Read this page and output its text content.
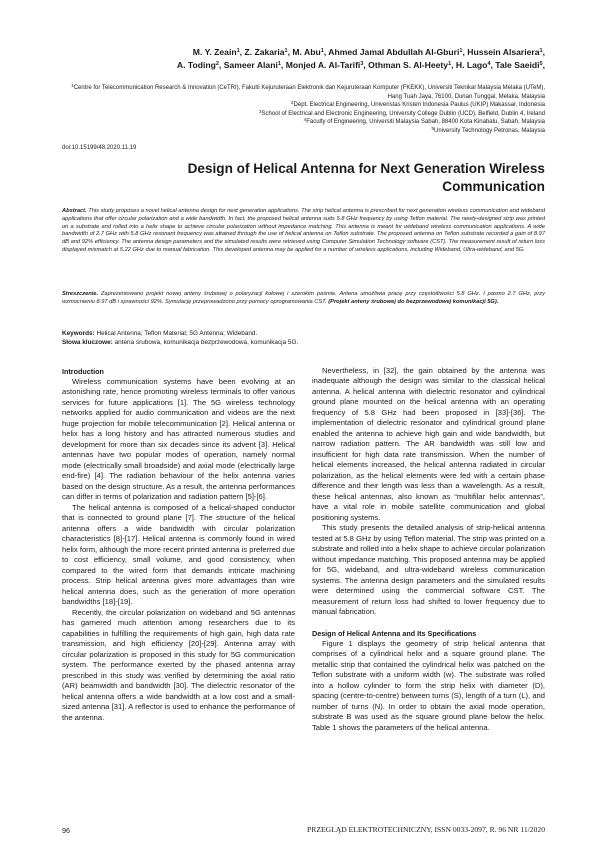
M. Y. Zeain$^1$, Z. Zakaria$^1$, M. Abu$^1$, Ahmed Jamal Abdullah Al-Gburi$^1$, Hussein Alsariera$^1$,
A. Toding$^2$, Sameer Alani$^1$, Monjed A. Al-Tarifi$^3$, Othman S. Al-Heety$^1$, H. Lago$^4$, Tale Saeidi$^5$,
$^1$Centre for Telecommunication Research & Innovation (CeTRI), Fakulti Kejuruteraan Elektronik dan Kejuruteraan Komputer (FKEKK), Universiti Teknikal Malaysia Melaka (UTeM), Hang Tuah Jaya, 76100, Durian Tunggal, Melaka, Malaysia
$^2$Dept. Electrical Engineering, Univeristas Kristen Indonesia Paulus (UKIP) Makassar, Indonesia
$^3$School of Electrical and Electronic Engineering, University College Dublin (UCD), Belfield, Dublin 4, Ireland
$^4$Faculty of Engineering, Universiti Malaysia Sabah, 88400 Kota Kinabalu, Sabah, Malaysia
$^5$University Technology Petronas, Malaysia
doi:10.15199/48.2020.11.19
Design of Helical Antenna for Next Generation Wireless
Communication
Abstract. This study proposes a novel helical antenna design for next generation applications. The strip helical antenna is prescribed for next generation wireless communication and wideband applications that offer circular polarization and a wide bandwidth. In fact, the proposed helical antenna suits 5.8 GHz frequency by using Teflon material. The newly-designed strip was printed on a substrate and rolled into a helix shape to achieve circular polarization without impedance matching. This antenna is meant for wideband wireless communication applications. A wide bandwidth of 2.7 GHz with 5.8 GHz resonant frequency was attained through the use of helical antenna on Teflon substrate. The proposed antenna on Teflon substrate recorded a gain of 8.97 dB and 92% efficiency. The antenna design parameters and the simulated results were retrieved using Computer Simulation Technology software (CST). The measurement result of return loss displayed mismatch at 5.22 GHz due to manual fabrication. This developed antenna may be applied for a number of wireless applications, including Wideband, Ultra-wideband, and 5G.
Streszczenie. Zaprezentowano projekt nowej anteny śrubowej o polaryzacji kołowej i szerokim paśmie. Antena umożliwia pracę przy częstotliwości 5.8 GHz. I pasmo 2.7 GHz, przy wzmocnieniu 8.97 dB i sprawności 92%. Symulację przeprowadzono przy pomocy oprogramowania CST. (Projekt anteny śrubowej do bezprzewodowej komunikacji 5G).
Keywords: Helical Antenna; Teflon Material; 5G Antenna; Wideband.
Słowa kluczowe: antena śrubowa, komunikacja bezprzewodowa, komunikacja 5G.
Introduction

Wireless communication systems have been evolving at an astonishing rate, hence promoting wireless terminals to offer various services for future applications [1]. The 5G wireless technology networks applied for audio communication and videos are the next huge projection for mobile telecommunication [2]. Helical antenna or helix has a long history and has attracted numerous studies and development for more than six decades since its advent [3]. Helical antennas have two popular modes of operation, namely normal mode (electrically small broadside) and axial mode (electrically large end-fire) [4]. The radiation behaviour of the helix antenna varies based on the design structure. As a result, the antenna performances can differ in terms of polarization and radiation pattern [5]-[6].

The helical antenna is composed of a helical-shaped conductor that is connected to ground plane [7]. The structure of the helical antenna offers a wide bandwidth with circular polarization characteristics [8]-[17]. Helical antenna is commonly found in wired helix form, although the more recent printed antenna is preferred due to cost efficiency, small volume, and good consistency, when compared to the wired form that demands intricate machining process. Strip helical antenna gives more advantages than wire helical antenna does, such as the generation of more operation bandwidths [18]-[19].

Recently, the circular polarization on wideband and 5G antennas has garnered much attention among researchers due to its capabilities in fulfilling the requirements of high gain, high data rate transmission, and high efficiency [20]-[29]. Antenna array with circular polarization is proposed in this study for 5G communication system. The performance exerted by the phased antenna array prescribed in this study was verified by determining the axial ratio (AR) beamwidth and bandwidth [30]. The dielectric resonator of the helical antenna offers a wide bandwidth at a low cost and a small-sized antenna [31]. A reflector is used to enhance the performance of the antenna.

Nevertheless, in [32], the gain obtained by the antenna was inadequate although the design was similar to the classical helical antenna. A helical antenna with dielectric resonator and cylindrical ground plane mounted on the helical antenna with an operating frequency of 5.8 GHz had been proposed in [33]-[36]. The implementation of dielectric resonator and cylindrical ground plane enabled the antenna to achieve high gain and wide bandwidth, but narrow radiation pattern. The AR bandwidth was still low and insufficient for high data rate transmission. When the number of helical elements increased, the helical antenna radiated in circular polarization, as the helical elements were fed with a certain phase difference and their length was less than a wavelength. As a result, these helical antennas, also known as “multifilar helix antennas”, have a vital role in mobile satellite communication and global positioning systems.

This study presents the detailed analysis of strip-helical antenna tested at 5.8 GHz by using Teflon material. The strip was printed on a substrate and rolled into a helix shape to achieve circular polarization without impedance matching. This proposed antenna may be applied for 5G, wideband, and ultra-wideband wireless communication systems. The antenna design parameters and the simulated results were determined using the commercial software CST. The measurement of return loss had shifted to lower frequency due to manual fabrication.

Design of Helical Antenna and Its Specifications

Figure 1 displays the geometry of strip helical antenna that comprises of a cylindrical helix and a square ground plane. The metallic strip that contained the cylindrical helix was patched on the Teflon substrate with a uniform width (w). The substrate was rolled into a hollow cylinder to form the strip helix with diameter (D), spacing (centre-to-centre) between turns (S), length of a turn (L), and number of turns (N). In order to obtain the axial mode operation, substrate B was used as the square ground plane below the helix. Table 1 shows the parameters of the helical antenna.

96	PRZEGLĄD ELEKTROTECHNICZNY, ISSN 0033-2097, R. 96 NR 11/2020
